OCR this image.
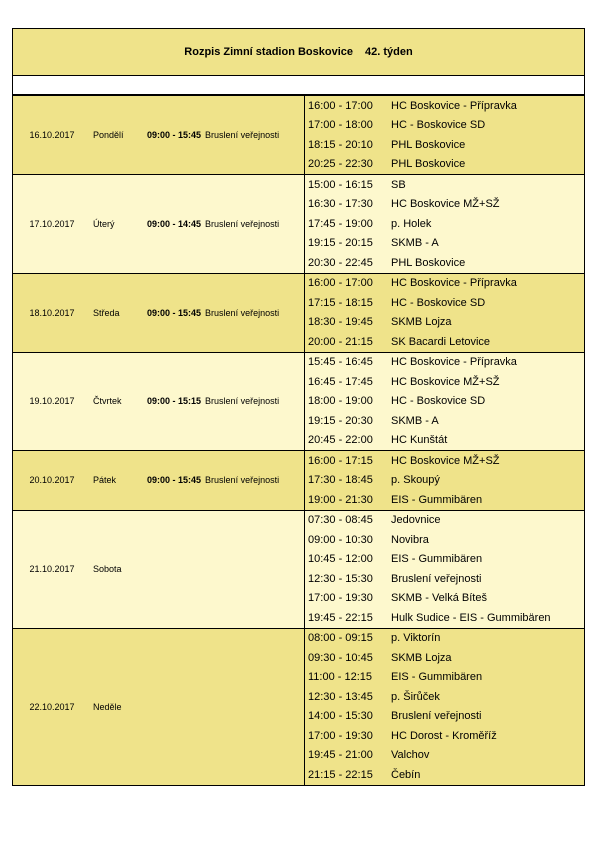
Rozpis Zimní stadion Boskovice 42. týden
16.10.2017	Pondělí	09:00 - 15:45 Bruslení veřejnosti
16:00 - 17:00	HC Boskovice - Přípravka
17:00 - 18:00	HC - Boskovice SD
18:15 - 20:10	PHL Boskovice
20:25 - 22:30	PHL Boskovice
17.10.2017	Úterý	09:00 - 14:45 Bruslení veřejnosti
15:00 - 16:15	SB
16:30 - 17:30	HC Boskovice MŽ+SŽ
17:45 - 19:00	p. Holek
19:15 - 20:15	SKMB - A
20:30 - 22:45	PHL Boskovice
18.10.2017	Středa	09:00 - 15:45 Bruslení veřejnosti
16:00 - 17:00	HC Boskovice - Přípravka
17:15 - 18:15	HC - Boskovice SD
18:30 - 19:45	SKMB Lojza
20:00 - 21:15	SK Bacardi Letovice
19.10.2017	Čtvrtek	09:00 - 15:15 Bruslení veřejnosti
15:45 - 16:45	HC Boskovice - Přípravka
16:45 - 17:45	HC Boskovice MŽ+SŽ
18:00 - 19:00	HC - Boskovice SD
19:15 - 20:30	SKMB - A
20:45 - 22:00	HC Kunštát
20.10.2017	Pátek	09:00 - 15:45 Bruslení veřejnosti
16:00 - 17:15	HC Boskovice MŽ+SŽ
17:30 - 18:45	p. Skoupý
19:00 - 21:30	EIS - Gummibären
21.10.2017	Sobota
07:30 - 08:45	Jedovnice
09:00 - 10:30	Novibra
10:45 - 12:00	EIS - Gummibären
12:30 - 15:30	Bruslení veřejnosti
17:00 - 19:30	SKMB - Velká Bíteš
19:45 - 22:15	Hulk Sudice - EIS - Gummibären
22.10.2017	Neděle
08:00 - 09:15	p. Viktorín
09:30 - 10:45	SKMB Lojza
11:00 - 12:15	EIS - Gummibären
12:30 - 13:45	p. Širůček
14:00 - 15:30	Bruslení veřejnosti
17:00 - 19:30	HC Dorost - Kroměříž
19:45 - 21:00	Valchov
21:15 - 22:15	Čebín
